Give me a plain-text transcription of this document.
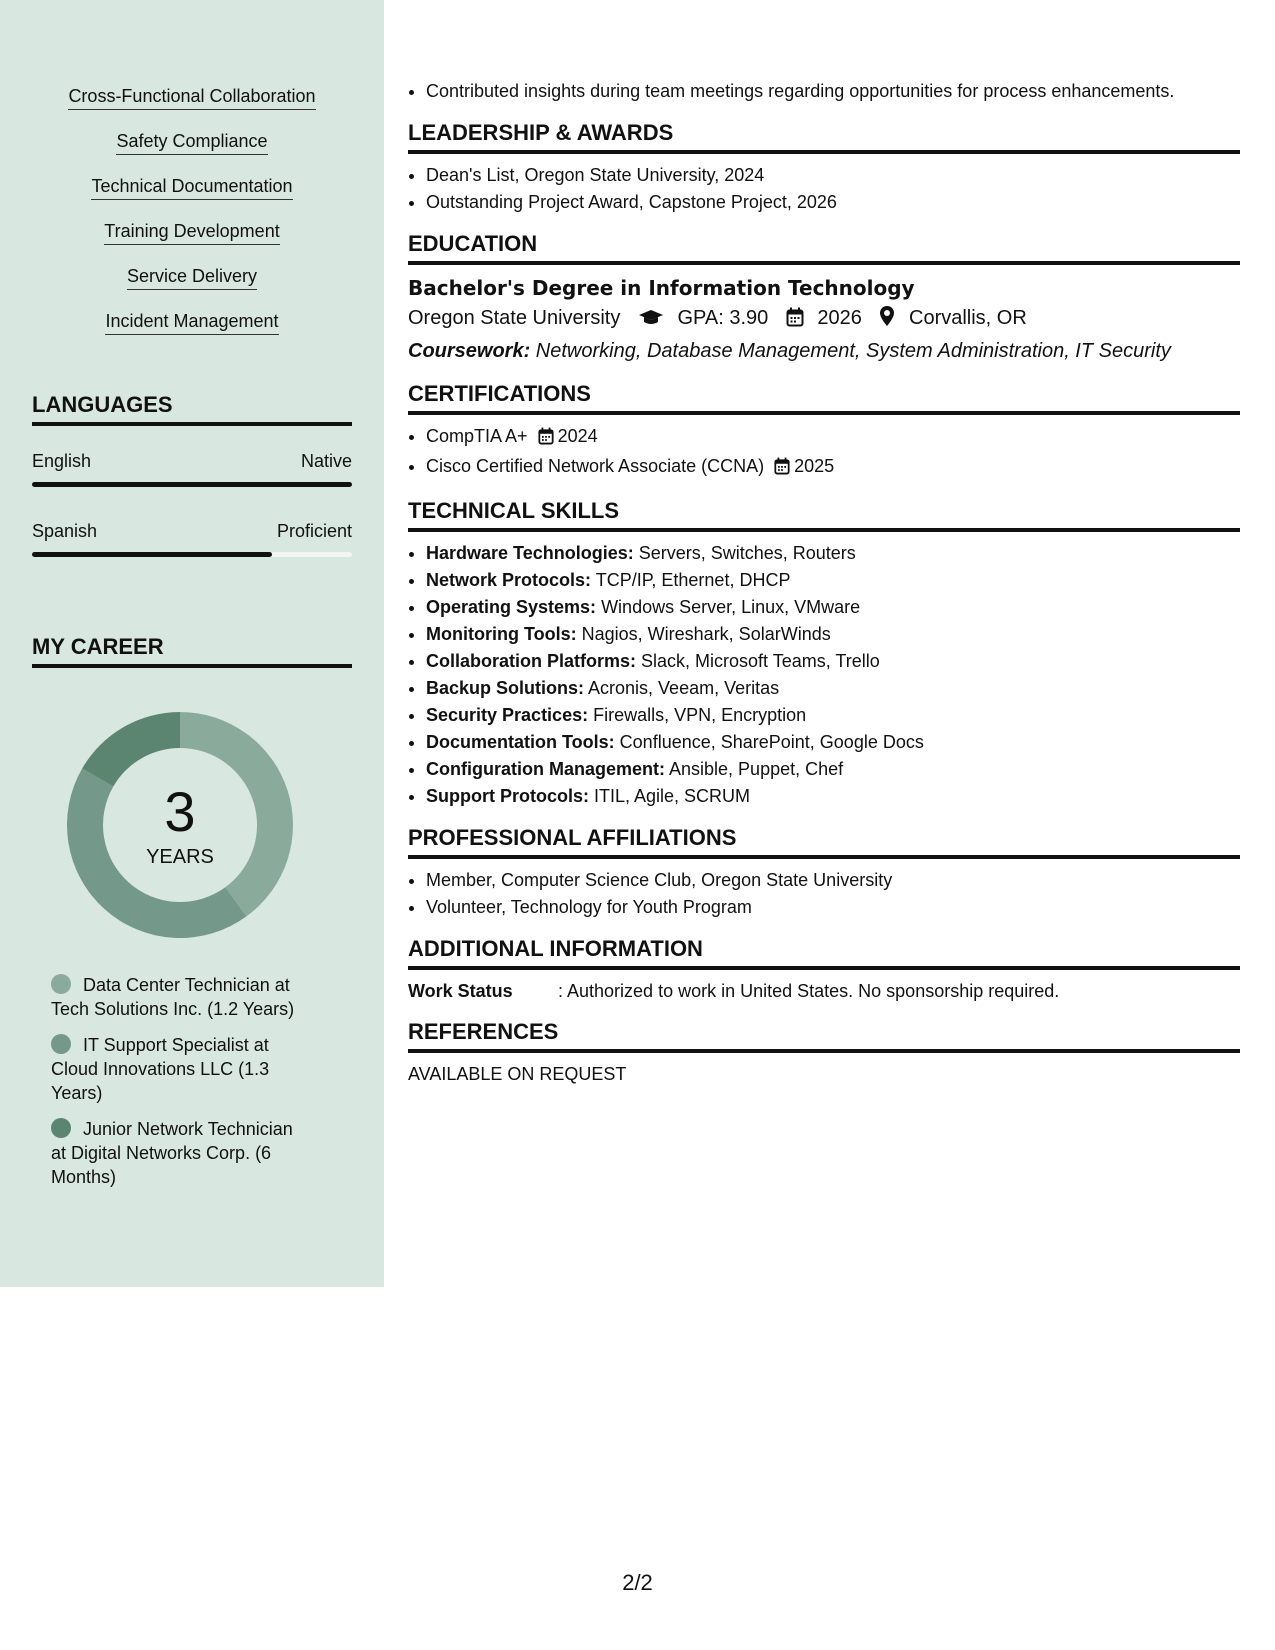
Cross-Functional Collaboration
Safety Compliance
Technical Documentation
Training Development
Service Delivery
Incident Management
LANGUAGES
English	Native
Spanish	Proficient
MY CAREER
3
YEARS
Data Center Technician at Tech Solutions Inc. (1.2 Years)
IT Support Specialist at Cloud Innovations LLC (1.3 Years)
Junior Network Technician at Digital Networks Corp. (6 Months)
• Contributed insights during team meetings regarding opportunities for process enhancements.
LEADERSHIP & AWARDS
• Dean's List, Oregon State University, 2024
• Outstanding Project Award, Capstone Project, 2026
EDUCATION
Bachelor's Degree in Information Technology
Oregon State University	GPA: 3.90 2026 Corvallis, OR
Coursework: Networking, Database Management, System Administration, IT Security
CERTIFICATIONS
• CompTIA A+ 2024
• Cisco Certified Network Associate (CCNA) 2025
TECHNICAL SKILLS
• Hardware Technologies: Servers, Switches, Routers
• Network Protocols: TCP/IP, Ethernet, DHCP
• Operating Systems: Windows Server, Linux, VMware
• Monitoring Tools: Nagios, Wireshark, SolarWinds
• Collaboration Platforms: Slack, Microsoft Teams, Trello
• Backup Solutions: Acronis, Veeam, Veritas
• Security Practices: Firewalls, VPN, Encryption
• Documentation Tools: Confluence, SharePoint, Google Docs
• Configuration Management: Ansible, Puppet, Chef
• Support Protocols: ITIL, Agile, SCRUM
PROFESSIONAL AFFILIATIONS
• Member, Computer Science Club, Oregon State University
• Volunteer, Technology for Youth Program
ADDITIONAL INFORMATION
Work Status	: Authorized to work in United States. No sponsorship required.
REFERENCES
AVAILABLE ON REQUEST
2/2
